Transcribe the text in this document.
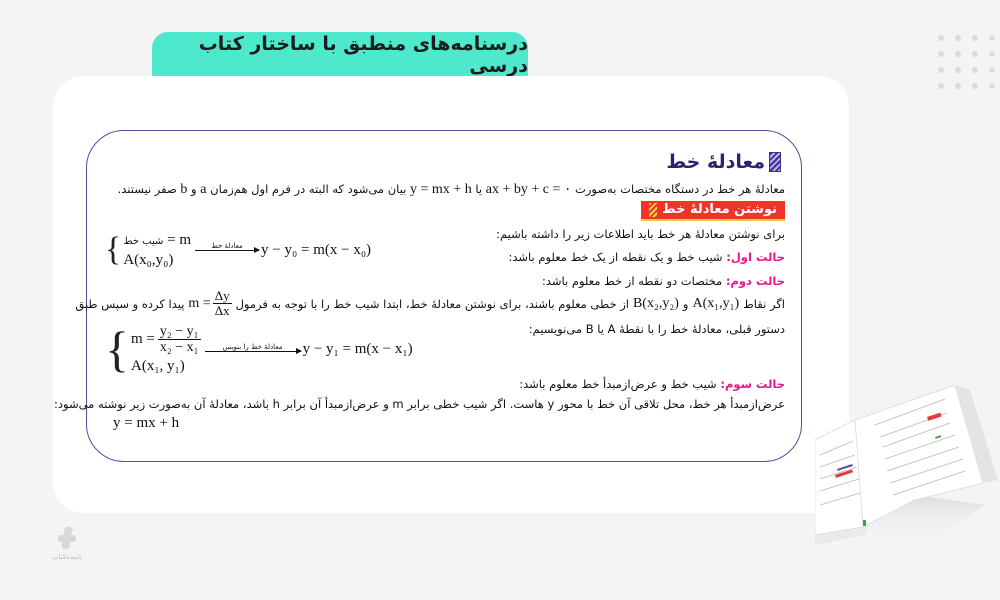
درسنامه‌های منطبق با ساختار کتاب درسی
معادلهٔ خط
معادلهٔ هر خط در دستگاه مختصات به‌صورت ax + by + c = ۰ یا y = mx + h بیان می‌شود که البته در فرم اول هم‌زمان a و b صفر نیستند.
نوشتن معادلهٔ خط
برای نوشتن معادلهٔ هر خط باید اطلاعات زیر را داشته باشیم:
حالت اول: شیب خط و یک نقطه از یک خط معلوم باشد:
{ شیب خط = m
A(x₀,y₀)
معادلهٔ خط y − y₀ = m(x − x₀)
حالت دوم: مختصات دو نقطه از خط معلوم باشد:
اگر نقاط
A(x₁,y₁)
و
B(x₂,y₂)
از خطی معلوم باشند، برای نوشتن معادلهٔ خط، ابتدا شیب خط را با توجه به فرمول
$m = \frac{\Delta y}{\Delta x}$
پیدا کرده و سپس طبق
دستور قبلی، معادلهٔ خط را با نقطهٔ A یا B می‌نویسیم:
{ $m = \frac{\text{y₂ − y₁}}{\text{x₂ − x₁}}$
A(x₁, y₁)
معادلهٔ خط را بنویس y − y₁ = m(x − x₁)
حالت سوم: شیب خط و عرض‌ازمبدأ خط معلوم باشد:
عرض‌ازمبدأ هر خط، محل تلاقی آن خط با محور y هاست. اگر شیب خطی برابر m و عرض‌ازمبدأ آن برابر h باشد، معادلهٔ آن به‌صورت زیر نوشته می‌شود:
y = mx + h
پاینده‌کتاب
